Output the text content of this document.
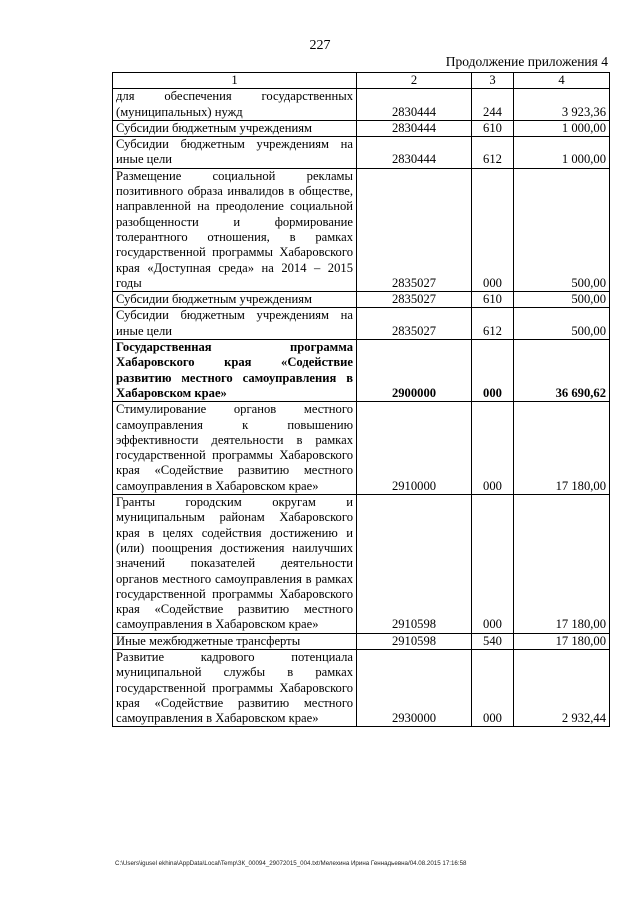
227
Продолжение приложения 4
1	2	3	4
для обеспечения государственных (муниципальных) нужд	2830444	244	3 923,36
Субсидии бюджетным учреждениям	2830444	610	1 000,00
Субсидии бюджетным учреждениям на иные цели	2830444	612	1 000,00
Размещение социальной рекламы позитивного образа инвалидов в обществе, направленной на преодоление социальной разобщенности и формирование толерантного отношения, в рамках государственной программы Хабаровского края «Доступная среда» на 2014 – 2015 годы	2835027	000	500,00
Субсидии бюджетным учреждениям	2835027	610	500,00
Субсидии бюджетным учреждениям на иные цели	2835027	612	500,00
Государственная программа Хабаровского края «Содействие развитию местного самоуправления в Хабаровском крае»	2900000	000	36 690,62
Стимулирование органов местного самоуправления к повышению эффективности деятельности в рамках государственной программы Хабаровского края «Содействие развитию местного самоуправления в Хабаровском крае»	2910000	000	17 180,00
Гранты городским округам и муниципальным районам Хабаровского края в целях содействия достижению и (или) поощрения достижения наилучших значений показателей деятельности органов местного самоуправления в рамках государственной программы Хабаровского края «Содействие развитию местного самоуправления в Хабаровском крае»	2910598	000	17 180,00
Иные межбюджетные трансферты	2910598	540	17 180,00
Развитие кадрового потенциала муниципальной службы в рамках государственной программы Хабаровского края «Содействие развитию местного самоуправления в Хабаровском крае»	2930000	000	2 932,44
C:\Users\igusel ekhina\AppData\Local\Temp\ЗК_00094_29072015_004.txt/Мелехина Ирина Геннадьевна/04.08.2015 17:16:58
